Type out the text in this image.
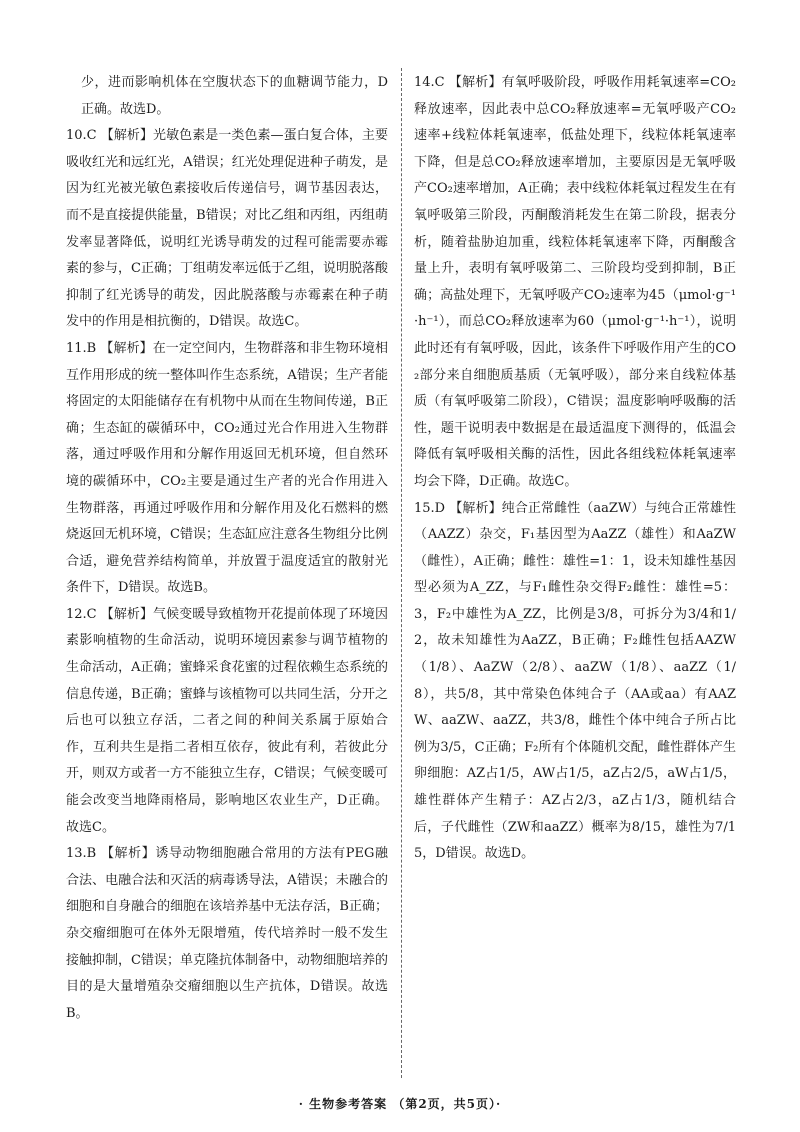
少，进而影响机体在空腹状态下的血糖调节能力，D正确。故选D。

10.C 【解析】光敏色素是一类色素—蛋白复合体，主要吸收红光和远红光，A错误；红光处理促进种子萌发，是因为红光被光敏色素接收后传递信号，调节基因表达，而不是直接提供能量，B错误；对比乙组和丙组，丙组萌发率显著降低，说明红光诱导萌发的过程可能需要赤霉素的参与，C正确；丁组萌发率远低于乙组，说明脱落酸抑制了红光诱导的萌发，因此脱落酸与赤霉素在种子萌发中的作用是相抗衡的，D错误。故选C。

11.B 【解析】在一定空间内，生物群落和非生物环境相互作用形成的统一整体叫作生态系统，A错误；生产者能将固定的太阳能储存在有机物中从而在生物间传递，B正确；生态缸的碳循环中，CO₂通过光合作用进入生物群落，通过呼吸作用和分解作用返回无机环境，但自然环境的碳循环中，CO₂主要是通过生产者的光合作用进入生物群落，再通过呼吸作用和分解作用及化石燃料的燃烧返回无机环境，C错误；生态缸应注意各生物组分比例合适，避免营养结构简单，并放置于温度适宜的散射光条件下，D错误。故选B。

12.C 【解析】气候变暖导致植物开花提前体现了环境因素影响植物的生命活动，说明环境因素参与调节植物的生命活动，A正确；蜜蜂采食花蜜的过程依赖生态系统的信息传递，B正确；蜜蜂与该植物可以共同生活，分开之后也可以独立存活，二者之间的种间关系属于原始合作，互利共生是指二者相互依存，彼此有利，若彼此分开，则双方或者一方不能独立生存，C错误；气候变暖可能会改变当地降雨格局，影响地区农业生产，D正确。故选C。

13.B 【解析】诱导动物细胞融合常用的方法有PEG融合法、电融合法和灭活的病毒诱导法，A错误；未融合的细胞和自身融合的细胞在该培养基中无法存活，B正确；杂交瘤细胞可在体外无限增殖，传代培养时一般不发生接触抑制，C错误；单克隆抗体制备中，动物细胞培养的目的是大量增殖杂交瘤细胞以生产抗体，D错误。故选B。

14.C 【解析】有氧呼吸阶段，呼吸作用耗氧速率=CO₂释放速率，因此表中总CO₂释放速率=无氧呼吸产CO₂速率+线粒体耗氧速率，低盐处理下，线粒体耗氧速率下降，但是总CO₂释放速率增加，主要原因是无氧呼吸产CO₂速率增加，A正确；表中线粒体耗氧过程发生在有氧呼吸第三阶段，丙酮酸消耗发生在第二阶段，据表分析，随着盐胁迫加重，线粒体耗氧速率下降，丙酮酸含量上升，表明有氧呼吸第二、三阶段均受到抑制，B正确；高盐处理下，无氧呼吸产CO₂速率为45（μmol·g⁻¹·h⁻¹），而总CO₂释放速率为60（μmol·g⁻¹·h⁻¹），说明此时还有有氧呼吸，因此，该条件下呼吸作用产生的CO₂部分来自细胞质基质（无氧呼吸），部分来自线粒体基质（有氧呼吸第二阶段），C错误；温度影响呼吸酶的活性，题干说明表中数据是在最适温度下测得的，低温会降低有氧呼吸相关酶的活性，因此各组线粒体耗氧速率均会下降，D正确。故选C。

15.D 【解析】纯合正常雌性（aaZW）与纯合正常雄性（AAZZ）杂交，F₁基因型为AaZZ（雄性）和AaZW（雌性），A正确；雌性：雄性=1：1，设未知雄性基因型必须为A_ZZ，与F₁雌性杂交得F₂雌性：雄性=5：3，F₂中雄性为A_ZZ，比例是3/8，可拆分为3/4和1/2，故未知雄性为AaZZ，B正确；F₂雌性包括AAZW（1/8）、AaZW（2/8）、aaZW（1/8）、aaZZ（1/8），共5/8，其中常染色体纯合子（AA或aa）有AAZW、aaZW、aaZZ，共3/8，雌性个体中纯合子所占比例为3/5，C正确；F₂所有个体随机交配，雌性群体产生卵细胞：AZ占1/5，AW占1/5，aZ占2/5，aW占1/5，雄性群体产生精子：AZ占2/3，aZ占1/3，随机结合后，子代雌性（ZW和aaZZ）概率为8/15，雄性为7/15，D错误。故选D。

· 生物参考答案 （第2页，共5页）·
